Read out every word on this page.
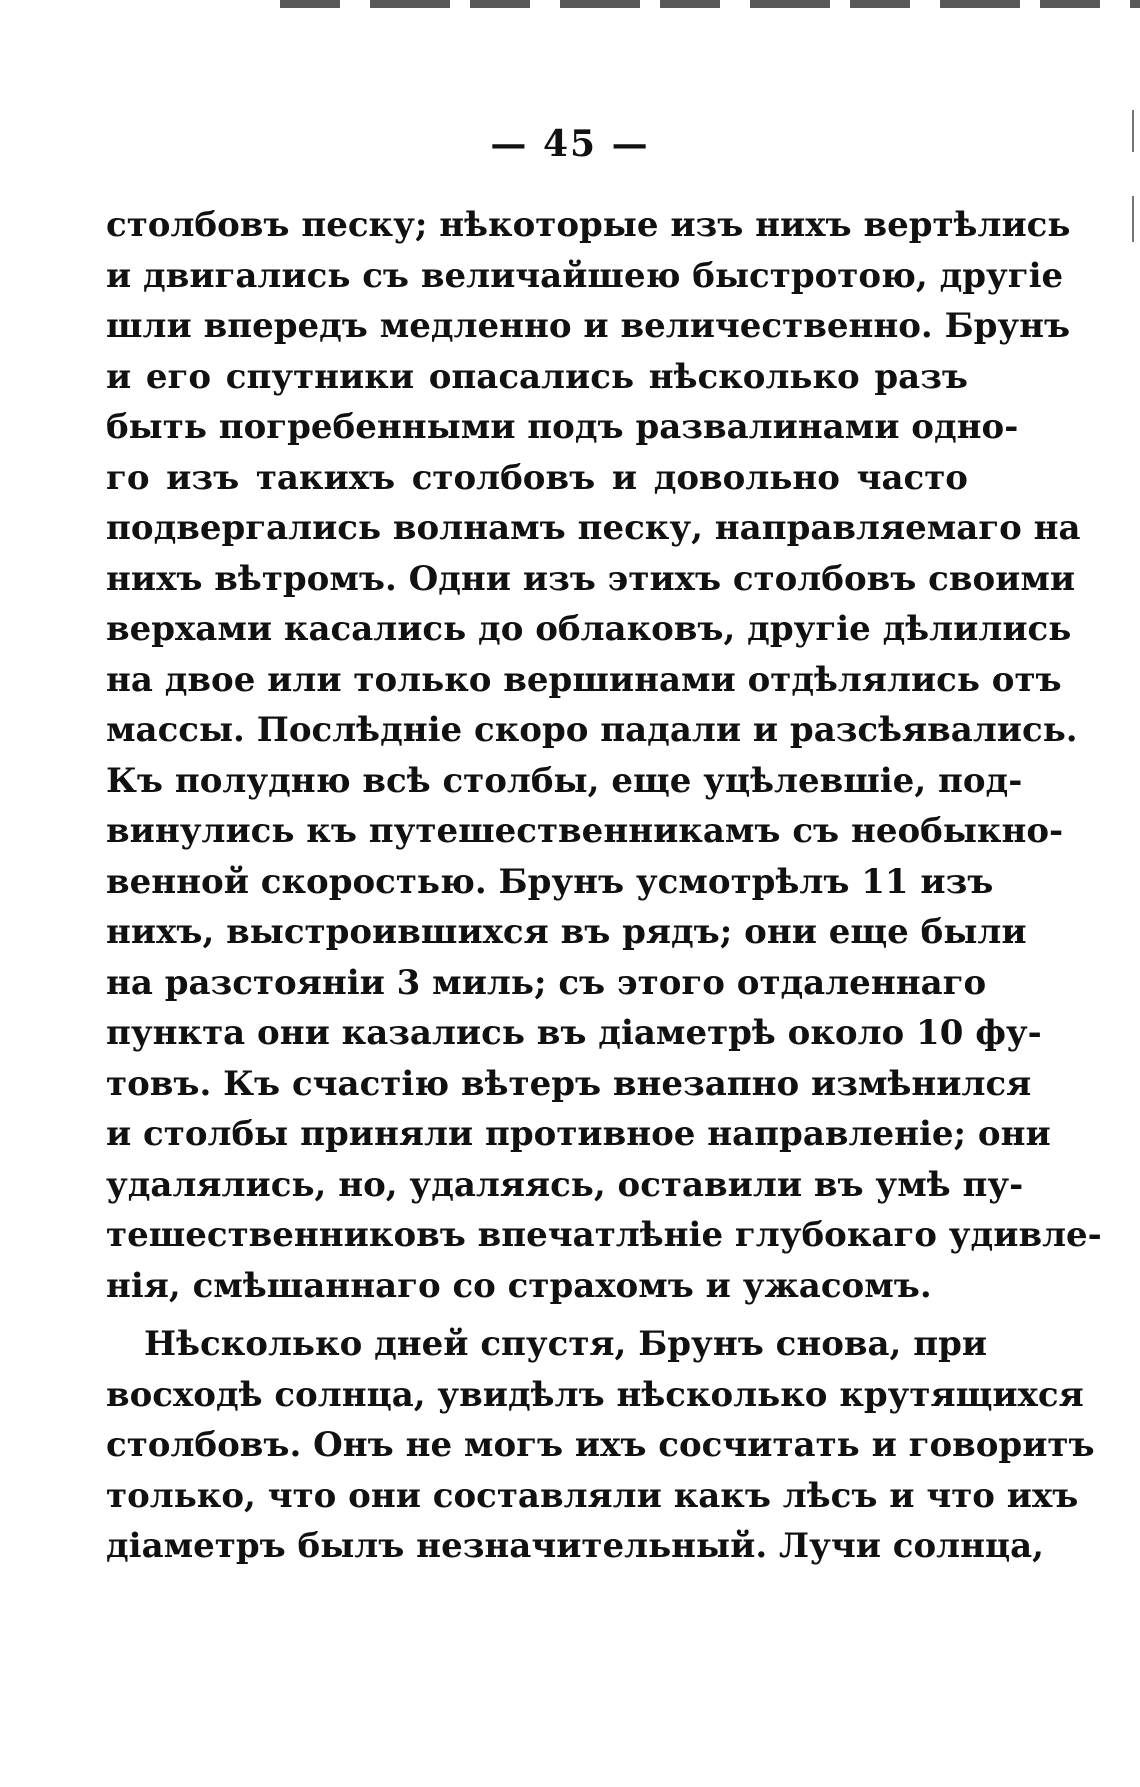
— 45 —
столбовъ песку; нѣкоторые изъ нихъ вертѣлись
и двигались съ величайшею быстротою, другіе
шли впередъ медленно и величественно. Брунъ
и его спутники опасались нѣсколько разъ
быть погребенными подъ развалинами одно-
го изъ такихъ столбовъ и довольно часто
подвергались волнамъ песку, направляемаго на
нихъ вѣтромъ. Одни изъ этихъ столбовъ своими
верхами касались до облаковъ, другіе дѣлились
на двое или только вершинами отдѣлялись отъ
массы. Послѣдніе скоро падали и разсѣявались.
Къ полудню всѣ столбы, еще уцѣлевшіе, под-
винулись къ путешественникамъ съ необыкно-
венной скоростью. Брунъ усмотрѣлъ 11 изъ
нихъ, выстроившихся въ рядъ; они еще были
на разстояніи 3 миль; съ этого отдаленнаго
пункта они казались въ діаметрѣ около 10 фу-
товъ. Къ счастію вѣтеръ внезапно измѣнился
и столбы приняли противное направленіе; они
удалялись, но, удаляясь, оставили въ умѣ пу-
тешественниковъ впечатлѣніе глубокаго удивле-
нія, смѣшаннаго со страхомъ и ужасомъ.
Нѣсколько дней спустя, Брунъ снова, при
восходѣ солнца, увидѣлъ нѣсколько крутящихся
столбовъ. Онъ не могъ ихъ сосчитать и говоритъ
только, что они составляли какъ лѣсъ и что ихъ
діаметръ былъ незначительный. Лучи солнца,
